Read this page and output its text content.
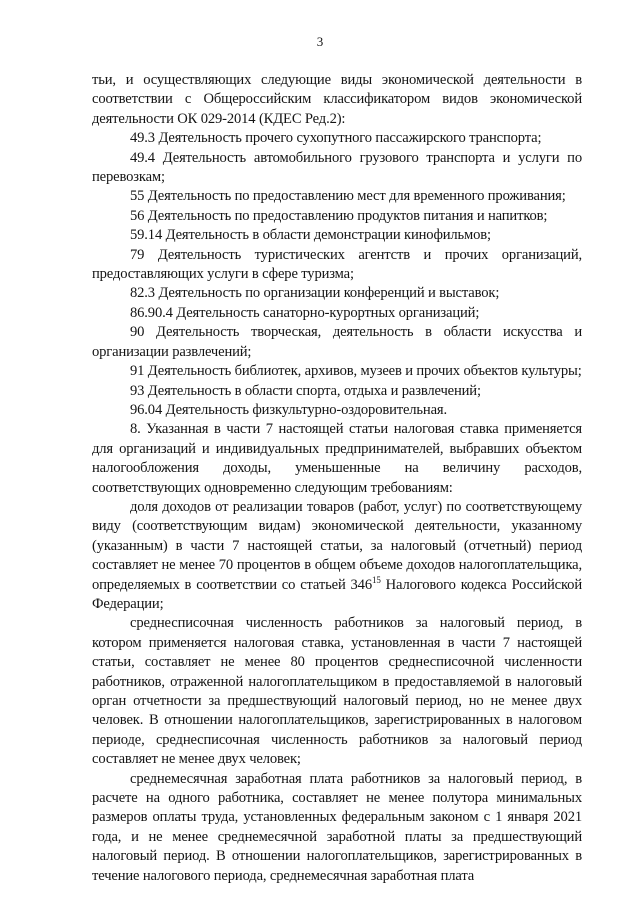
3

тьи, и осуществляющих следующие виды экономической деятельности в соответствии с Общероссийским классификатором видов экономической деятельности ОК 029-2014 (КДЕС Ред.2):

49.3 Деятельность прочего сухопутного пассажирского транспорта;

49.4 Деятельность автомобильного грузового транспорта и услуги по перевозкам;

55 Деятельность по предоставлению мест для временного проживания;

56 Деятельность по предоставлению продуктов питания и напитков;

59.14 Деятельность в области демонстрации кинофильмов;

79 Деятельность туристических агентств и прочих организаций, предоставляющих услуги в сфере туризма;

82.3 Деятельность по организации конференций и выставок;

86.90.4 Деятельность санаторно-курортных организаций;

90 Деятельность творческая, деятельность в области искусства и организации развлечений;

91 Деятельность библиотек, архивов, музеев и прочих объектов культуры;

93 Деятельность в области спорта, отдыха и развлечений;

96.04 Деятельность физкультурно-оздоровительная.

8. Указанная в части 7 настоящей статьи налоговая ставка применяется для организаций и индивидуальных предпринимателей, выбравших объектом налогообложения доходы, уменьшенные на величину расходов, соответствующих одновременно следующим требованиям:

доля доходов от реализации товаров (работ, услуг) по соответствующему виду (соответствующим видам) экономической деятельности, указанному (указанным) в части 7 настоящей статьи, за налоговый (отчетный) период составляет не менее 70 процентов в общем объеме доходов налогоплательщика, определяемых в соответствии со статьей $346^{15}$ Налогового кодекса Российской Федерации;

среднесписочная численность работников за налоговый период, в котором применяется налоговая ставка, установленная в части 7 настоящей статьи, составляет не менее 80 процентов среднесписочной численности работников, отраженной налогоплательщиком в предоставляемой в налоговый орган отчетности за предшествующий налоговый период, но не менее двух человек. В отношении налогоплательщиков, зарегистрированных в налоговом периоде, среднесписочная численность работников за налоговый период составляет не менее двух человек;

среднемесячная заработная плата работников за налоговый период, в расчете на одного работника, составляет не менее полутора минимальных размеров оплаты труда, установленных федеральным законом с 1 января 2021 года, и не менее среднемесячной заработной платы за предшествующий налоговый период. В отношении налогоплательщиков, зарегистрированных в течение налогового периода, среднемесячная заработная плата
